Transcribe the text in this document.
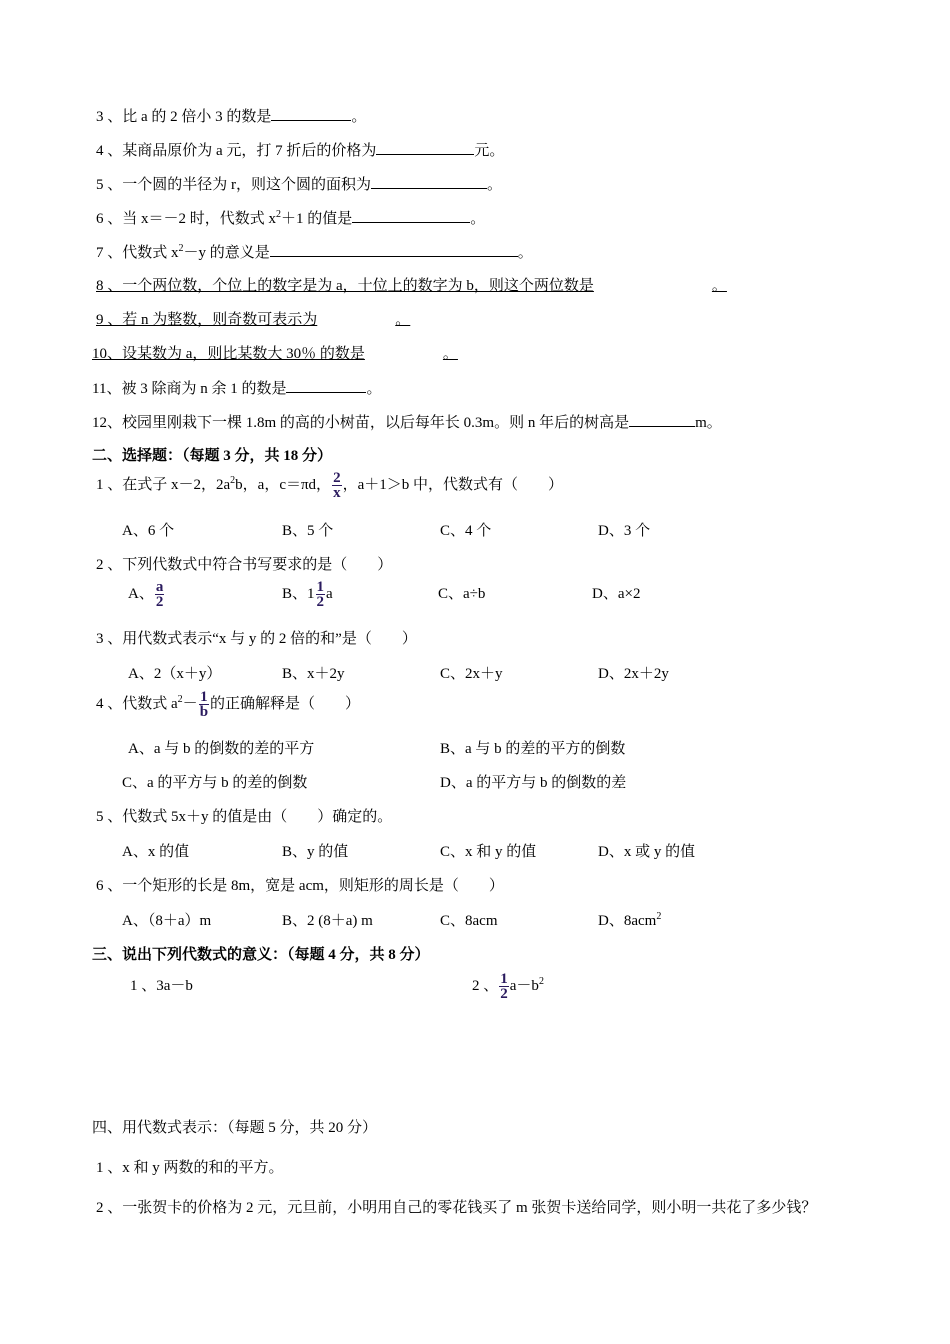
3 、比 a 的 2 倍小 3 的数是	。
4 、某商品原价为 a 元，打 7 折后的价格为	元。
5 、一个圆的半径为 r，则这个圆的面积为	。
6 、当 x＝－2 时，代数式 $x^2+1$ 的值是	。
7 、代数式 $x^2-y$ 的意义是	。
8 、一个两位数，个位上的数字是为 a，十位上的数字为 b，则这个两位数是	。
9 、若 n 为整数，则奇数可表示为	。
10、设某数为 a，则比某数大 30％ 的数是	。
11、被 3 除商为 n 余 1 的数是	。
12、校园里刚栽下一棵 1.8m 的高的小树苗，以后每年长 0.3m。则 n 年后的树高是	m。
二、选择题：（每题 3 分，共 18 分）
1 、在式子 x－2，$2a^2b$，a，c＝πd， $\frac{2}{x}$ ，a＋1＞b 中，代数式有（　　）
A、6 个	B、5 个	C、4 个	D、3 个
2 、下列代数式中符合书写要求的是（　　）
A、 $\frac{a}{2}$	B、$1 \frac{1}{2}$ a	C、a÷b	D、a×2
3 、用代数式表示“x 与 y 的 2 倍的和”是（　　）
A、2（x＋y）	B、x＋2y	C、2x＋y	D、2x＋2y
4 、代数式 $a^2- \frac{1}{b}$ 的正确解释是（　　）
A、a 与 b 的倒数的差的平方	B、a 与 b 的差的平方的倒数
C、a 的平方与 b 的差的倒数	D、a 的平方与 b 的倒数的差
5 、代数式 5x＋y 的值是由（　　）确定的。
A、x 的值	B、y 的值	C、x 和 y 的值	D、x 或 y 的值
6 、一个矩形的长是 8m，宽是 acm，则矩形的周长是（　　）
A、（8＋a）m	B、2 (8＋a) m	C、8acm	D、8acm$^2$
三、说出下列代数式的意义：（每题 4 分，共 8 分）
1 、3a－b	2 、 $\frac{1}{2} a-b^2$
四、用代数式表示：（每题 5 分，共 20 分）
1 、x 和 y 两数的和的平方。
2 、一张贺卡的价格为 2 元，元旦前，小明用自己的零花钱买了 m 张贺卡送给同学，则小明一共花了多少钱？
